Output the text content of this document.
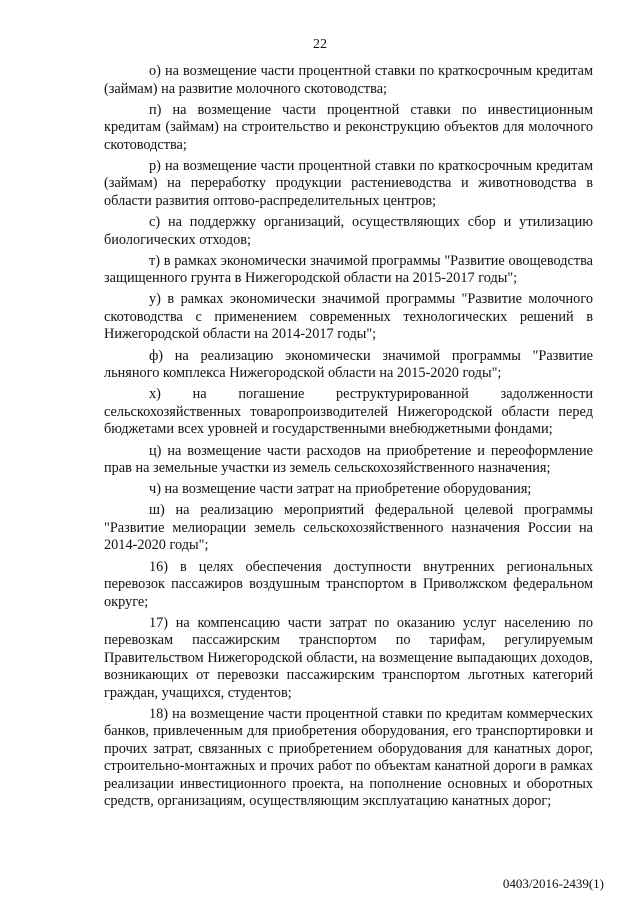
22

о) на возмещение части процентной ставки по краткосрочным кредитам (займам) на развитие молочного скотоводства;

п) на возмещение части процентной ставки по инвестиционным кредитам (займам) на строительство и реконструкцию объектов для молочного скотоводства;

р) на возмещение части процентной ставки по краткосрочным кредитам (займам) на переработку продукции растениеводства и животноводства в области развития оптово-распределительных центров;

с) на поддержку организаций, осуществляющих сбор и утилизацию биологических отходов;

т) в рамках экономически значимой программы "Развитие овощеводства защищенного грунта в Нижегородской области на 2015-2017 годы";

у) в рамках экономически значимой программы "Развитие молочного скотоводства с применением современных технологических решений в Нижегородской области на 2014-2017 годы";

ф) на реализацию экономически значимой программы "Развитие льняного комплекса Нижегородской области на 2015-2020 годы";

х) на погашение реструктурированной задолженности сельскохозяйственных товаропроизводителей Нижегородской области перед бюджетами всех уровней и государственными внебюджетными фондами;

ц) на возмещение части расходов на приобретение и переоформление прав на земельные участки из земель сельскохозяйственного назначения;

ч) на возмещение части затрат на приобретение оборудования;

ш) на реализацию мероприятий федеральной целевой программы "Развитие мелиорации земель сельскохозяйственного назначения России на 2014-2020 годы";

16) в целях обеспечения доступности внутренних региональных перевозок пассажиров воздушным транспортом в Приволжском федеральном округе;

17) на компенсацию части затрат по оказанию услуг населению по перевозкам пассажирским транспортом по тарифам, регулируемым Правительством Нижегородской области, на возмещение выпадающих доходов, возникающих от перевозки пассажирским транспортом льготных категорий граждан, учащихся, студентов;

18) на возмещение части процентной ставки по кредитам коммерческих банков, привлеченным для приобретения оборудования, его транспортировки и прочих затрат, связанных с приобретением оборудования для канатных дорог, строительно-монтажных и прочих работ по объектам канатной дороги в рамках реализации инвестиционного проекта, на пополнение основных и оборотных средств, организациям, осуществляющим эксплуатацию канатных дорог;

0403/2016-2439(1)
